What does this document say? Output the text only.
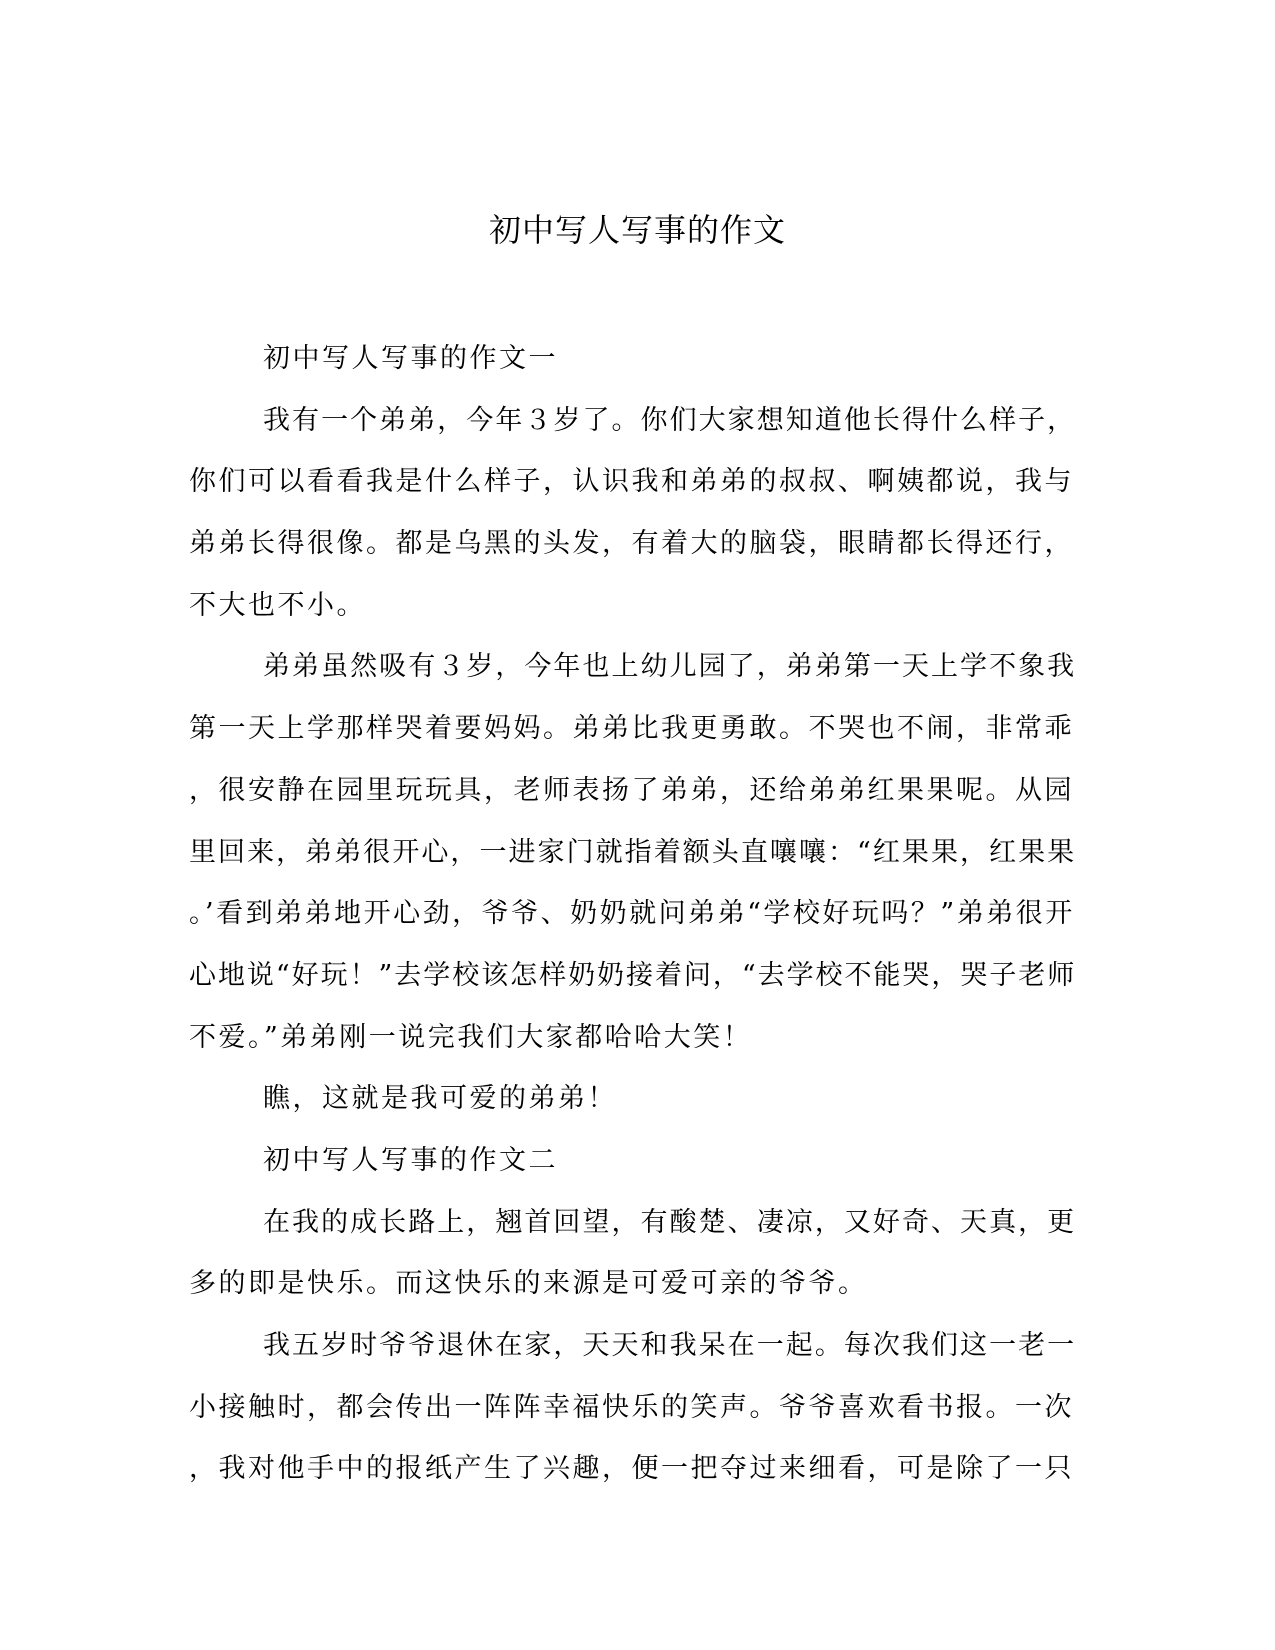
初中写人写事的作文
初中写人写事的作文一
我有一个弟弟，今年３岁了。你们大家想知道他长得什么样子，
你们可以看看我是什么样子，认识我和弟弟的叔叔、啊姨都说，我与
弟弟长得很像。都是乌黑的头发，有着大的脑袋，眼睛都长得还行，
不大也不小。
弟弟虽然吸有３岁，今年也上幼儿园了，弟弟第一天上学不象我
第一天上学那样哭着要妈妈。弟弟比我更勇敢。不哭也不闹，非常乖
，很安静在园里玩玩具，老师表扬了弟弟，还给弟弟红果果呢。从园
里回来，弟弟很开心，一进家门就指着额头直嚷嚷：“红果果，红果果
。’看到弟弟地开心劲，爷爷、奶奶就问弟弟“学校好玩吗？”弟弟很开
心地说“好玩！”去学校该怎样奶奶接着问，“去学校不能哭，哭子老师
不爱。”弟弟刚一说完我们大家都哈哈大笑！
瞧，这就是我可爱的弟弟！
初中写人写事的作文二
在我的成长路上，翘首回望，有酸楚、凄凉，又好奇、天真，更
多的即是快乐。而这快乐的来源是可爱可亲的爷爷。
我五岁时爷爷退休在家，天天和我呆在一起。每次我们这一老一
小接触时，都会传出一阵阵幸福快乐的笑声。爷爷喜欢看书报。一次
，我对他手中的报纸产生了兴趣，便一把夺过来细看，可是除了一只
